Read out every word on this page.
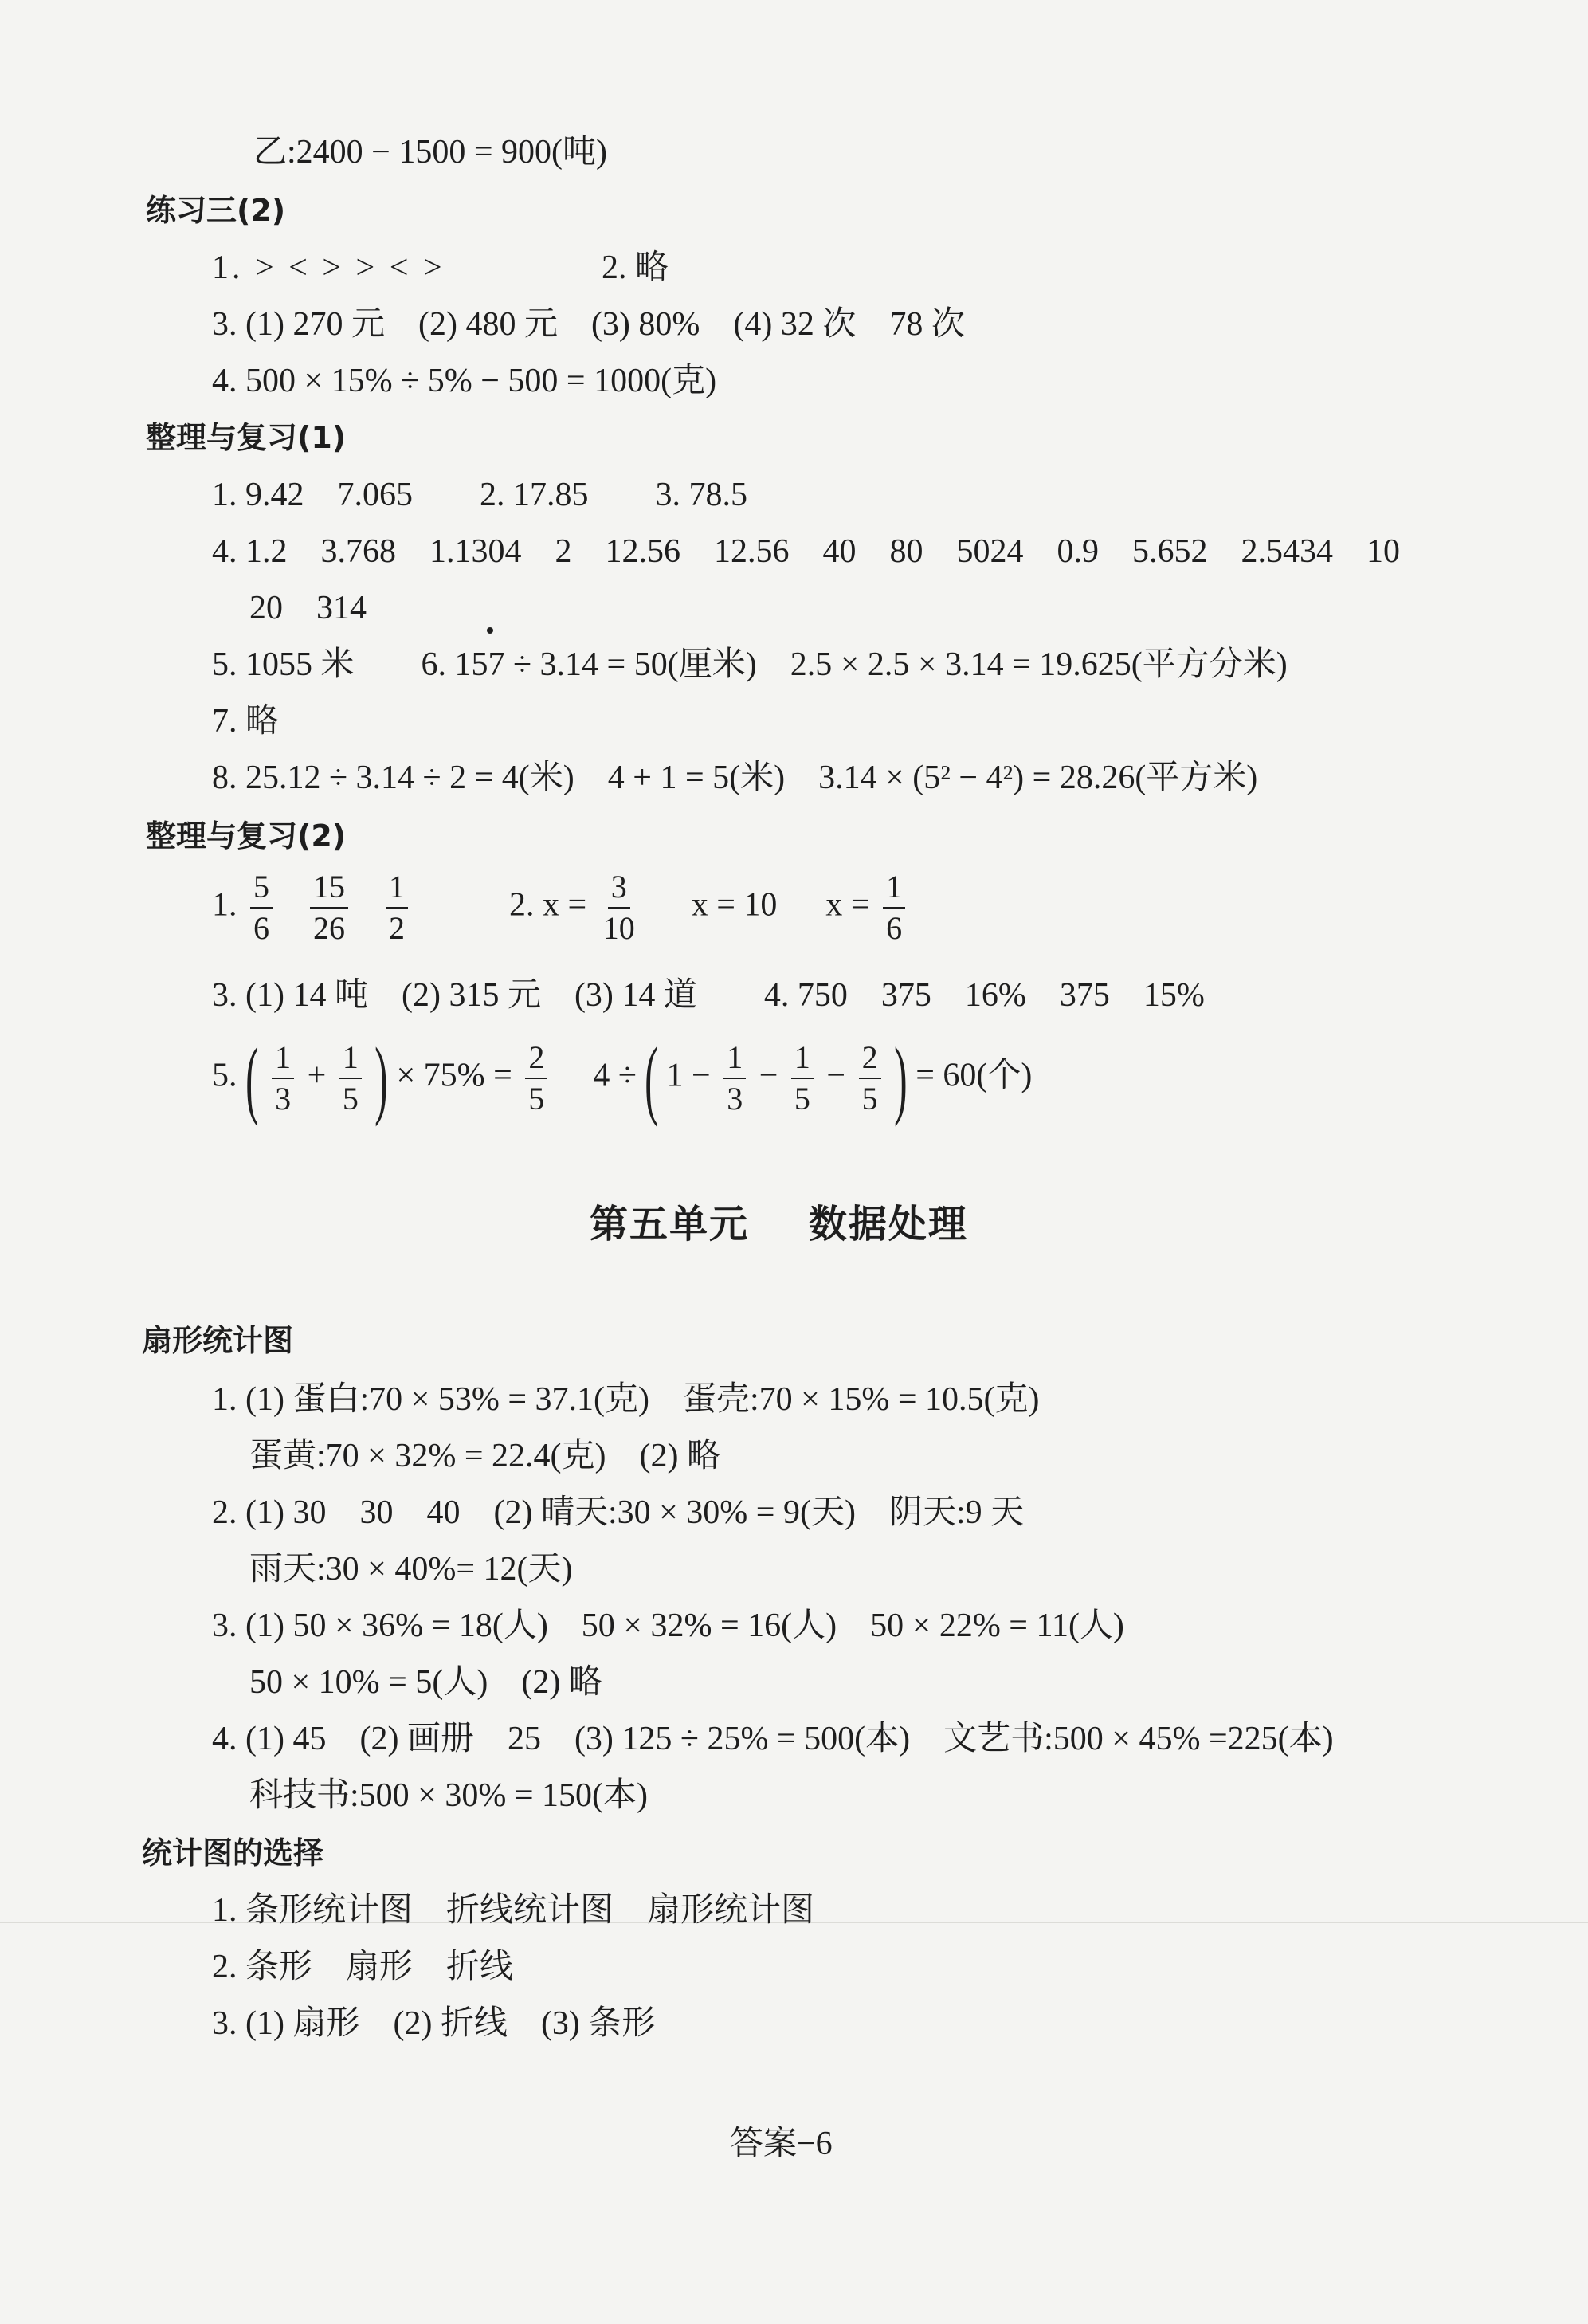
乙:2400 − 1500 = 900(吨)
练习三(2)
1. > < > > < >	2. 略
3. (1) 270 元    (2) 480 元    (3) 80%    (4) 32 次    78 次
4. 500 × 15% ÷ 5% − 500 = 1000(克)
整理与复习(1)
1. 9.42    7.065        2. 17.85        3. 78.5
4. 1.2    3.768    1.1304    2    12.56    12.56    40    80    5024    0.9    5.652    2.5434    10
20    314
5. 1055 米        6. 157 ÷ 3.14 = 50(厘米)    2.5 × 2.5 × 3.14 = 19.625(平方分米)
7. 略
8. 25.12 ÷ 3.14 ÷ 2 = 4(米)    4 + 1 = 5(米)    3.14 × (5² − 4²) = 28.26(平方米)
整理与复习(2)
1. $\frac{5}{6}$
$\frac{15}{26}$
$\frac{1}{2}$	2. $x = \frac{3}{10}$ x = 10 $x = \frac{1}{6}$
3. (1) 14 吨    (2) 315 元    (3) 14 道        4. 750    375    16%    375    15%
5. ( $\frac{1}{3} + \frac{1}{5}$ ) × $75\% = \frac{2}{5} 4$ ÷ ( $1 - \frac{1}{3} - \frac{1}{5} - \frac{2}{5}$ ) = 60(个)
第五单元    数据处理
扇形统计图
1. (1) 蛋白:70 × 53% = 37.1(克)    蛋壳:70 × 15% = 10.5(克)
蛋黄:70 × 32% = 22.4(克)    (2) 略
2. (1) 30    30    40    (2) 晴天:30 × 30% = 9(天)    阴天:9 天
雨天:30 × 40%= 12(天)
3. (1) 50 × 36% = 18(人)    50 × 32% = 16(人)    50 × 22% = 11(人)
50 × 10% = 5(人)    (2) 略
4. (1) 45    (2) 画册    25    (3) 125 ÷ 25% = 500(本)    文艺书:500 × 45% =225(本)
科技书:500 × 30% = 150(本)
统计图的选择
1. 条形统计图    折线统计图    扇形统计图
2. 条形    扇形    折线
3. (1) 扇形    (2) 折线    (3) 条形
答案−6
